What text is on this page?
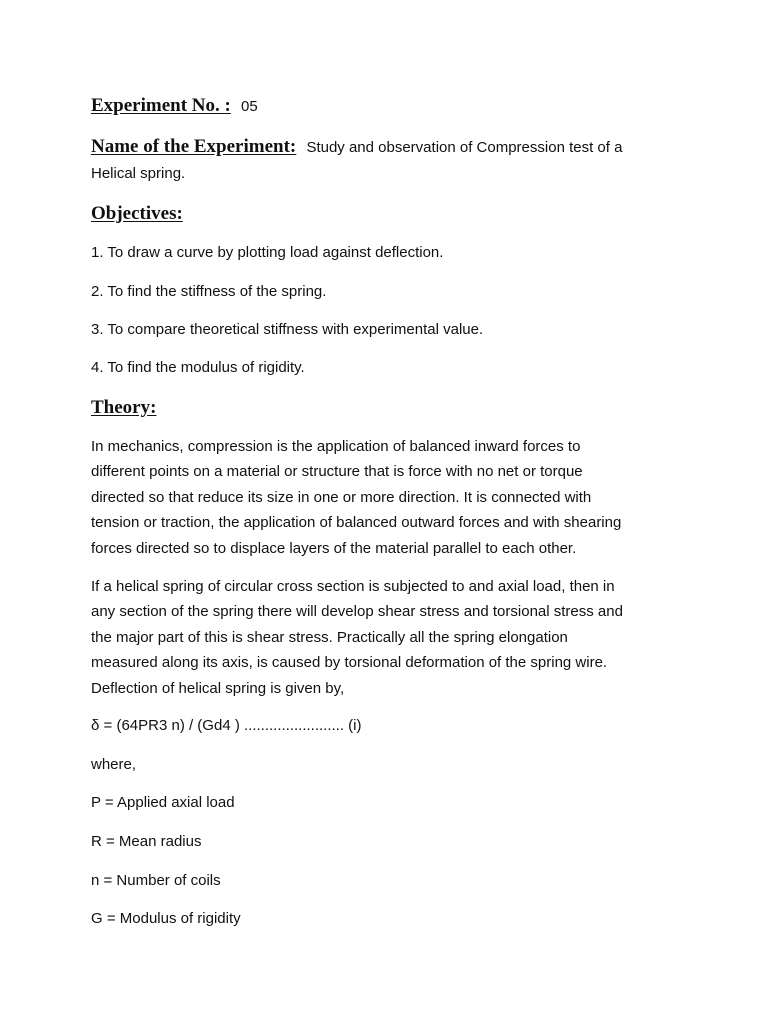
Experiment No. : 05
Name of the Experiment: Study and observation of Compression test of a
Helical spring.
Objectives:
1. To draw a curve by plotting load against deflection.
2. To find the stiffness of the spring.
3. To compare theoretical stiffness with experimental value.
4. To find the modulus of rigidity.
Theory:
In mechanics, compression is the application of balanced inward forces to
different points on a material or structure that is force with no net or torque
directed so that reduce its size in one or more direction. It is connected with
tension or traction, the application of balanced outward forces and with shearing
forces directed so to displace layers of the material parallel to each other.
If a helical spring of circular cross section is subjected to and axial load, then in
any section of the spring there will develop shear stress and torsional stress and
the major part of this is shear stress. Practically all the spring elongation
measured along its axis, is caused by torsional deformation of the spring wire.
Deflection of helical spring is given by,
δ = (64PR3 n) / (Gd4 ) ........................ (i)
where,
P = Applied axial load
R = Mean radius
n = Number of coils
G = Modulus of rigidity
